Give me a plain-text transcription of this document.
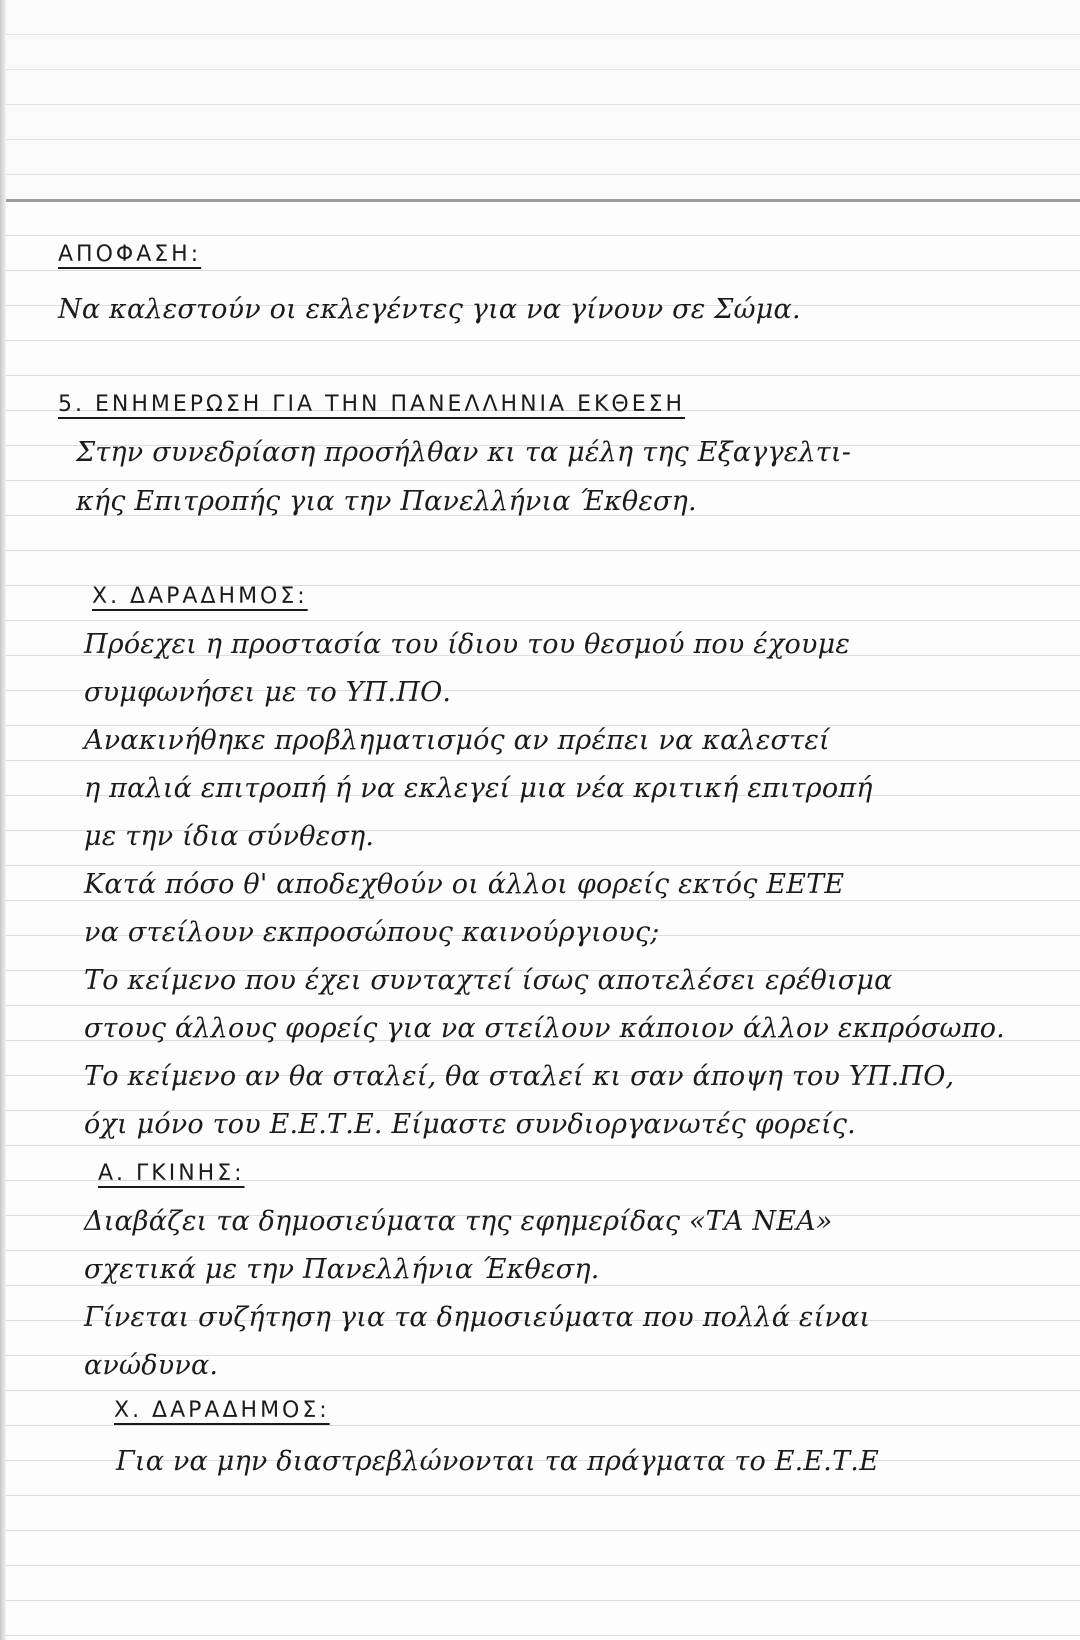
ΑΠΟΦΑΣΗ:
Να καλεστούν οι εκλεγέντες για να γίνουν σε Σώμα.
5. ΕΝΗΜΕΡΩΣΗ ΓΙΑ ΤΗΝ ΠΑΝΕΛΛΗΝΙΑ ΕΚΘΕΣΗ
Στην συνεδρίαση προσήλθαν κι τα μέλη της Εξαγγελτι-
κής Επιτροπής για την Πανελλήνια Έκθεση.
Χ. ΔΑΡΑΔΗΜΟΣ:
Πρόεχει η προστασία του ίδιου του θεσμού που έχουμε
συμφωνήσει με το ΥΠ.ΠΟ.
Ανακινήθηκε προβληματισμός αν πρέπει να καλεστεί
η παλιά επιτροπή ή να εκλεγεί μια νέα κριτική επιτροπή
με την ίδια σύνθεση.
Κατά πόσο θ' αποδεχθούν οι άλλοι φορείς εκτός ΕΕΤΕ
να στείλουν εκπροσώπους καινούργιους;
Το κείμενο που έχει συνταχτεί ίσως αποτελέσει ερέθισμα
στους άλλους φορείς για να στείλουν κάποιον άλλον εκπρόσωπο.
Το κείμενο αν θα σταλεί, θα σταλεί κι σαν άποψη του ΥΠ.ΠΟ,
όχι μόνο του Ε.Ε.Τ.Ε. Είμαστε συνδιοργανωτές φορείς.
Α. ΓΚΙΝΗΣ:
Διαβάζει τα δημοσιεύματα της εφημερίδας «ΤΑ ΝΕΑ»
σχετικά με την Πανελλήνια Έκθεση.
Γίνεται συζήτηση για τα δημοσιεύματα που πολλά είναι
ανώδυνα.
Χ. ΔΑΡΑΔΗΜΟΣ:
Για να μην διαστρεβλώνονται τα πράγματα το Ε.Ε.Τ.Ε
